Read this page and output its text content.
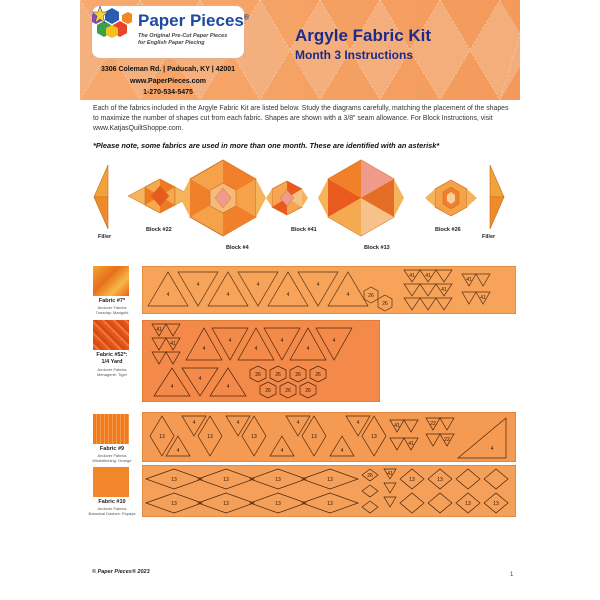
Paper Pieces®
The Original Pre-Cut Paper Pieces
for English Paper Piecing
3306 Coleman Rd. | Paducah, KY | 42001
www.PaperPieces.com
1-270-534-5475
Argyle Fabric Kit
Month 3 Instructions
Each of the fabrics included in the Argyle Fabric Kit are listed below. Study the diagrams carefully, matching the placement of the shapes to maximize the number of shapes cut from each fabric. Shapes are shown with a 3/8" seam allowance. For Block Instructions, visit www.KatjasQuiltShoppe.com.
*Please note, some fabrics are used in more than one month. These are identified with an asterisk*
Filler
Block #22
Block #4
Block #41
Block #13
Block #26
Filler
Fabric #7*
Andover Fabrics
Tuesday: Marigold
4
4
4
4
4
4
4	26
26
41 41
41
41
41
Fabric #52*:
1/4 Yard
Andover Fabrics
Menagerie: Tiger
41
41
4
4
4
4
4
4
4
4
4
26	26	26	26
26	26	26
Fabric #9
Andover Fabrics
Mindstitching: Orange
13
4
4
13
4
13
4
4
13
4
4
13
41
41
22
22
4
Fabric #10
Andover Fabrics
Botanical Dashes: Papaya
13	13	13	13
13	13	13	13
26	41
13	13
13	13
© Paper Pieces® 2023	1
